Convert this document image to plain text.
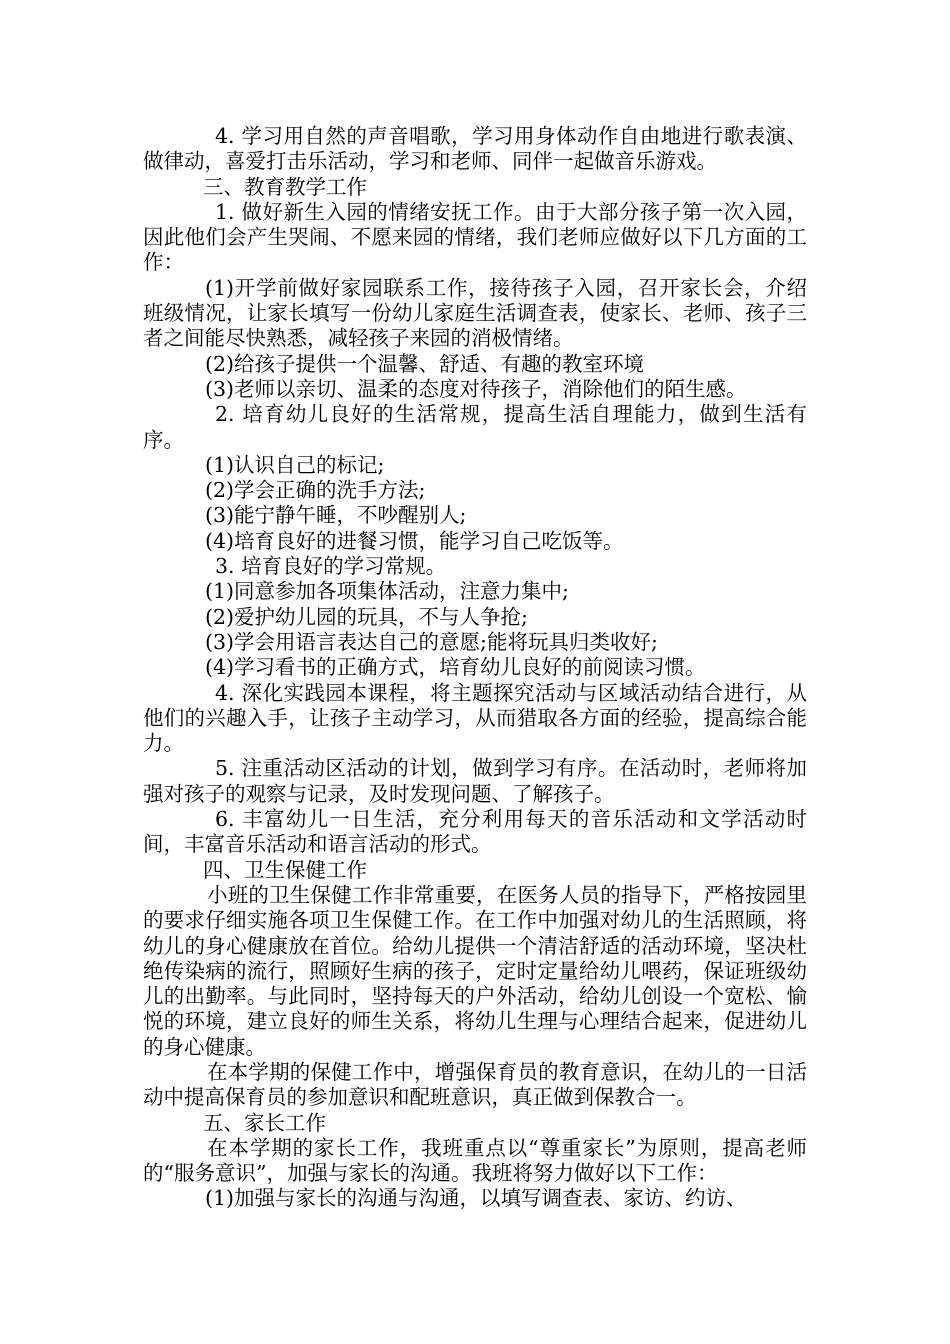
4. 学习用自然的声音唱歌，学习用身体动作自由地进行歌表演、做律动，喜爱打击乐活动，学习和老师、同伴一起做音乐游戏。

三、教育教学工作

1. 做好新生入园的情绪安抚工作。由于大部分孩子第一次入园，因此他们会产生哭闹、不愿来园的情绪，我们老师应做好以下几方面的工作：

(1)开学前做好家园联系工作，接待孩子入园，召开家长会，介绍班级情况，让家长填写一份幼儿家庭生活调查表，使家长、老师、孩子三者之间能尽快熟悉，减轻孩子来园的消极情绪。

(2)给孩子提供一个温馨、舒适、有趣的教室环境

(3)老师以亲切、温柔的态度对待孩子，消除他们的陌生感。

2. 培育幼儿良好的生活常规，提高生活自理能力，做到生活有序。

(1)认识自己的标记;

(2)学会正确的洗手方法;

(3)能宁静午睡，不吵醒别人;

(4)培育良好的进餐习惯，能学习自己吃饭等。

3. 培育良好的学习常规。

(1)同意参加各项集体活动，注意力集中;

(2)爱护幼儿园的玩具，不与人争抢;

(3)学会用语言表达自己的意愿;能将玩具归类收好;

(4)学习看书的正确方式，培育幼儿良好的前阅读习惯。

4. 深化实践园本课程，将主题探究活动与区域活动结合进行，从他们的兴趣入手，让孩子主动学习，从而猎取各方面的经验，提高综合能力。

5. 注重活动区活动的计划，做到学习有序。在活动时，老师将加强对孩子的观察与记录，及时发现问题、了解孩子。

6. 丰富幼儿一日生活，充分利用每天的音乐活动和文学活动时间，丰富音乐活动和语言活动的形式。

四、卫生保健工作

小班的卫生保健工作非常重要，在医务人员的指导下，严格按园里的要求仔细实施各项卫生保健工作。在工作中加强对幼儿的生活照顾，将幼儿的身心健康放在首位。给幼儿提供一个清洁舒适的活动环境，坚决杜绝传染病的流行，照顾好生病的孩子，定时定量给幼儿喂药，保证班级幼儿的出勤率。与此同时，坚持每天的户外活动，给幼儿创设一个宽松、愉悦的环境，建立良好的师生关系，将幼儿生理与心理结合起来，促进幼儿的身心健康。

在本学期的保健工作中，增强保育员的教育意识，在幼儿的一日活动中提高保育员的参加意识和配班意识，真正做到保教合一。

五、家长工作

在本学期的家长工作，我班重点以“尊重家长”为原则，提高老师的“服务意识”，加强与家长的沟通。我班将努力做好以下工作：

(1)加强与家长的沟通与沟通，以填写调查表、家访、约访、
